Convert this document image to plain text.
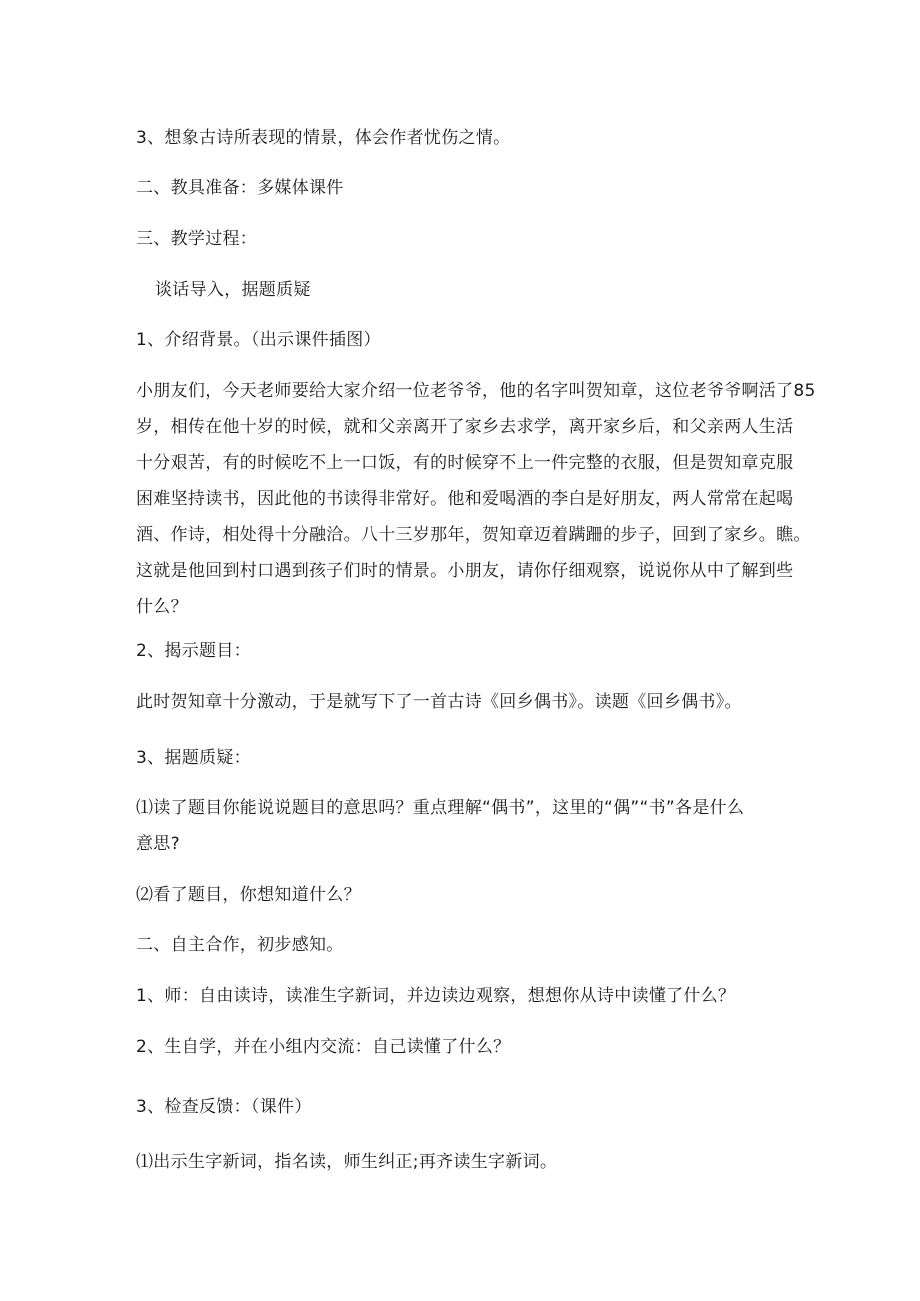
3、想象古诗所表现的情景，体会作者忧伤之情。
二、教具准备：多媒体课件
三、教学过程：
谈话导入，据题质疑
1、介绍背景。（出示课件插图）
小朋友们，今天老师要给大家介绍一位老爷爷，他的名字叫贺知章，这位老爷爷啊活了85
岁，相传在他十岁的时候，就和父亲离开了家乡去求学，离开家乡后，和父亲两人生活
十分艰苦，有的时候吃不上一口饭，有的时候穿不上一件完整的衣服，但是贺知章克服
困难坚持读书，因此他的书读得非常好。他和爱喝酒的李白是好朋友，两人常常在起喝
酒、作诗，相处得十分融洽。八十三岁那年，贺知章迈着蹒跚的步子，回到了家乡。瞧。
这就是他回到村口遇到孩子们时的情景。小朋友，请你仔细观察，说说你从中了解到些
什么？
2、揭示题目：
此时贺知章十分激动，于是就写下了一首古诗《回乡偶书》。读题《回乡偶书》。
3、据题质疑：
⑴读了题目你能说说题目的意思吗？重点理解“偶书”，这里的“偶”“书”各是什么
意思?
⑵看了题目，你想知道什么？
二、自主合作，初步感知。
1、师：自由读诗，读准生字新词，并边读边观察，想想你从诗中读懂了什么？
2、生自学，并在小组内交流：自己读懂了什么？
3、检查反馈：（课件）
⑴出示生字新词，指名读，师生纠正;再齐读生字新词。
